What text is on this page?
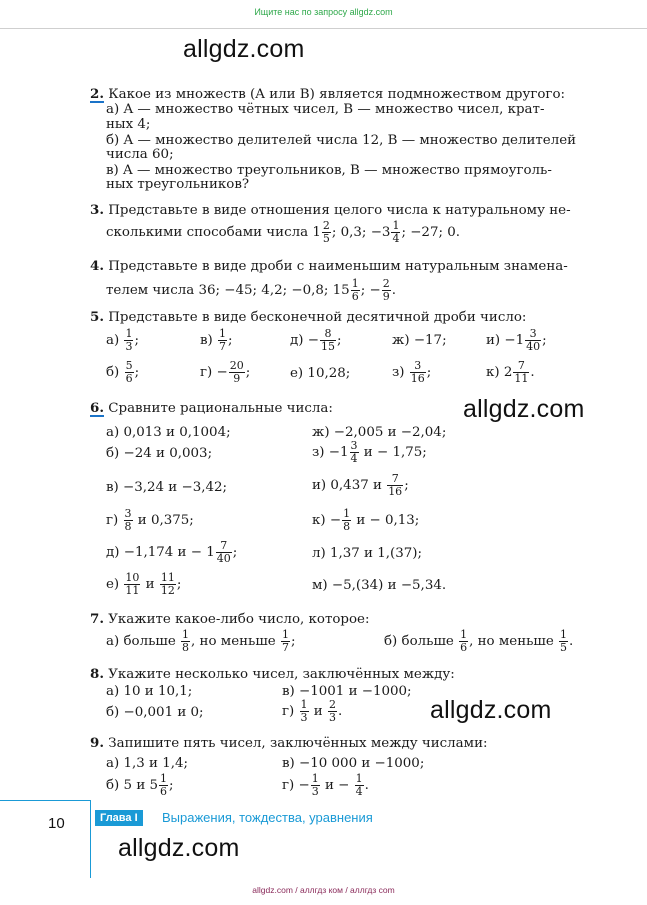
Ищите нас по запросу allgdz.com
allgdz.com
2. Какое из множеств (A или B) является подмножеством другого:
а) A — множество чётных чисел, B — множество чисел, крат-
ных 4;
б) A — множество делителей числа 12, B — множество делителей
числа 60;
в) A — множество треугольников, B — множество прямоуголь-
ных треугольников?
3. Представьте в виде отношения целого числа к натуральному не-
сколькими способами числа $1 \frac{2}{5}$ ; 0,3; $-3 \frac{1}{4}$ ; −27; 0.
4. Представьте в виде дроби с наименьшим натуральным знамена-
телем числа 36; −45; 4,2; −0,8; $15 \frac{1}{6}$ ; − $\frac{2}{9}$ .
5. Представьте в виде бесконечной десятичной дроби число:
$а) \frac{1}{3}$ ;	$в) \frac{1}{7}$ ;	$д) - \frac{8}{15}$ ;	ж) −17;	$и) -1 \frac{3}{40}$ ;
$б) \frac{5}{6}$ ;	$г) - \frac{20}{9}$ ;	е) 10,28;	$з) \frac{3}{16}$ ;	к) $2 \frac{7}{11}$ .
allgdz.com
6. Сравните рациональные числа:
а) 0,013 и 0,1004;	ж) −2,005 и −2,04;
б) −24 и 0,003;	$з) -1 \frac{3}{4}$ и − 1,75;
в) −3,24 и −3,42;	и) 0,437 и $\frac{7}{16}$ ;
$г) \frac{3}{8}$ и 0,375;	$к) - \frac{1}{8}$ и − 0,13;
д) −1,174 $и - 1 \frac{7}{40}$ ;	л) 1,37 и 1,(37);
$е) \frac{10}{11}$ и $\frac{11}{12}$ ;	м) −5,(34) и −5,34.
7. Укажите какое-либо число, которое:
а) больше $\frac{1}{8}$ , но меньше $\frac{1}{7}$ ;	б) больше $\frac{1}{6}$ , но меньше $\frac{1}{5}$ .
8. Укажите несколько чисел, заключённых между:
а) 10 и 10,1;	в) −1001 и −1000;
б) −0,001 и 0;	$г) \frac{1}{3}$ и $\frac{2}{3}$ .	allgdz.com
9. Запишите пять чисел, заключённых между числами:
а) 1,3 и 1,4;	в) −10 000 и −1000;
б) 5 и $5 \frac{1}{6}$ ;	$г) - \frac{1}{3}$ $и - \frac{1}{4}$ .
10	Глава I	Выражения, тождества, уравнения
allgdz.com
allgdz.com / аллгдз ком / аллгдз com
